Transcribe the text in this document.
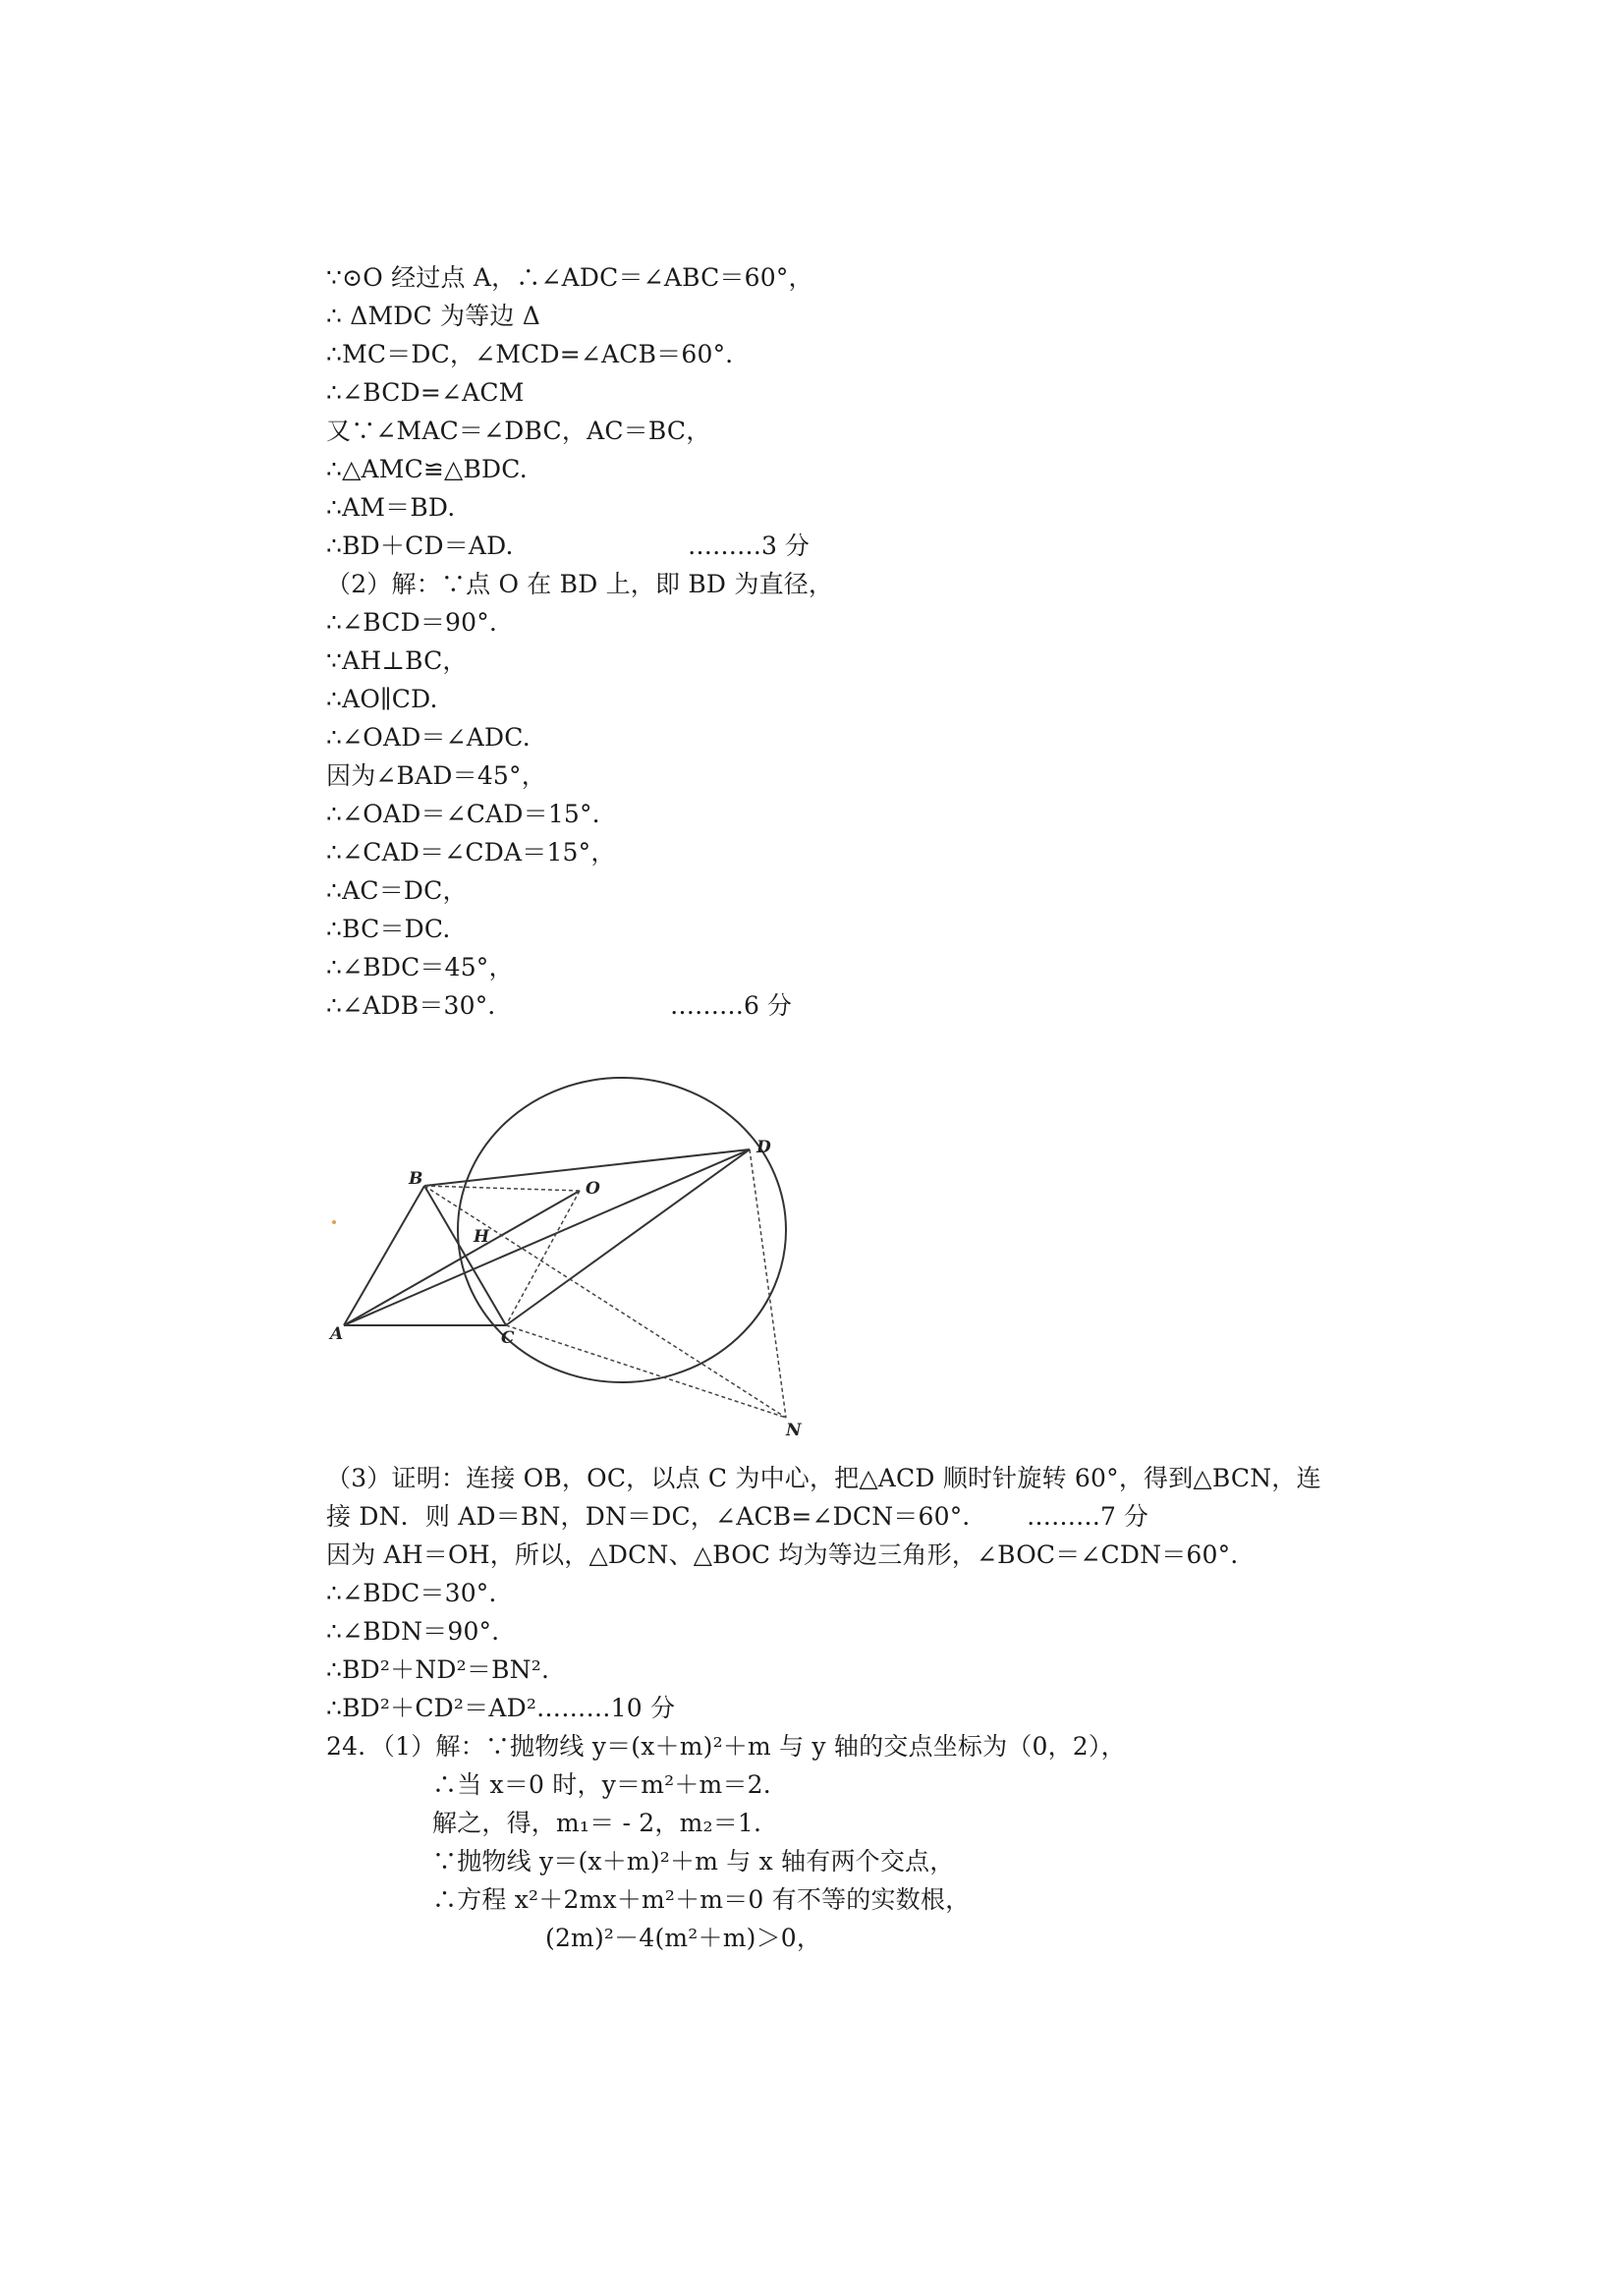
∵⊙O 经过点 A，∴∠ADC＝∠ABC＝60°，
∴ ΔMDC 为等边 Δ
∴MC＝DC，∠MCD=∠ACB＝60°．
∴∠BCD=∠ACM
又∵∠MAC＝∠DBC，AC＝BC，
∴△AMC≌△BDC.
∴AM＝BD.
∴BD＋CD＝AD.	………3 分
（2）解：∵点 O 在 BD 上，即 BD 为直径，
∴∠BCD＝90°．
∵AH⊥BC，
∴AO∥CD.
∴∠OAD＝∠ADC.
因为∠BAD＝45°，
∴∠OAD＝∠CAD＝15°．
∴∠CAD＝∠CDA＝15°，
∴AC＝DC，
∴BC＝DC.
∴∠BDC＝45°，
∴∠ADB＝30°．	………6 分
A
B
C
D
O
H
N
（3）证明：连接 OB，OC，以点 C 为中心，把△ACD 顺时针旋转 60°，得到△BCN，连
接 DN．则 AD＝BN，DN＝DC，∠ACB=∠DCN＝60°． ………7 分
因为 AH＝OH，所以，△DCN、△BOC 均为等边三角形，∠BOC＝∠CDN＝60°．
∴∠BDC＝30°．
∴∠BDN＝90°．
∴BD²＋ND²＝BN².
∴BD²＋CD²＝AD²………10 分
24．（1）解：∵抛物线 y＝(x＋m)²＋m 与 y 轴的交点坐标为（0，2），
∴当 x＝0 时，y＝m²＋m＝2.
解之，得，m₁＝ - 2，m₂＝1.
∵抛物线 y＝(x＋m)²＋m 与 x 轴有两个交点，
∴方程 x²＋2mx＋m²＋m＝0 有不等的实数根，
(2m)²－4(m²＋m)＞0，
